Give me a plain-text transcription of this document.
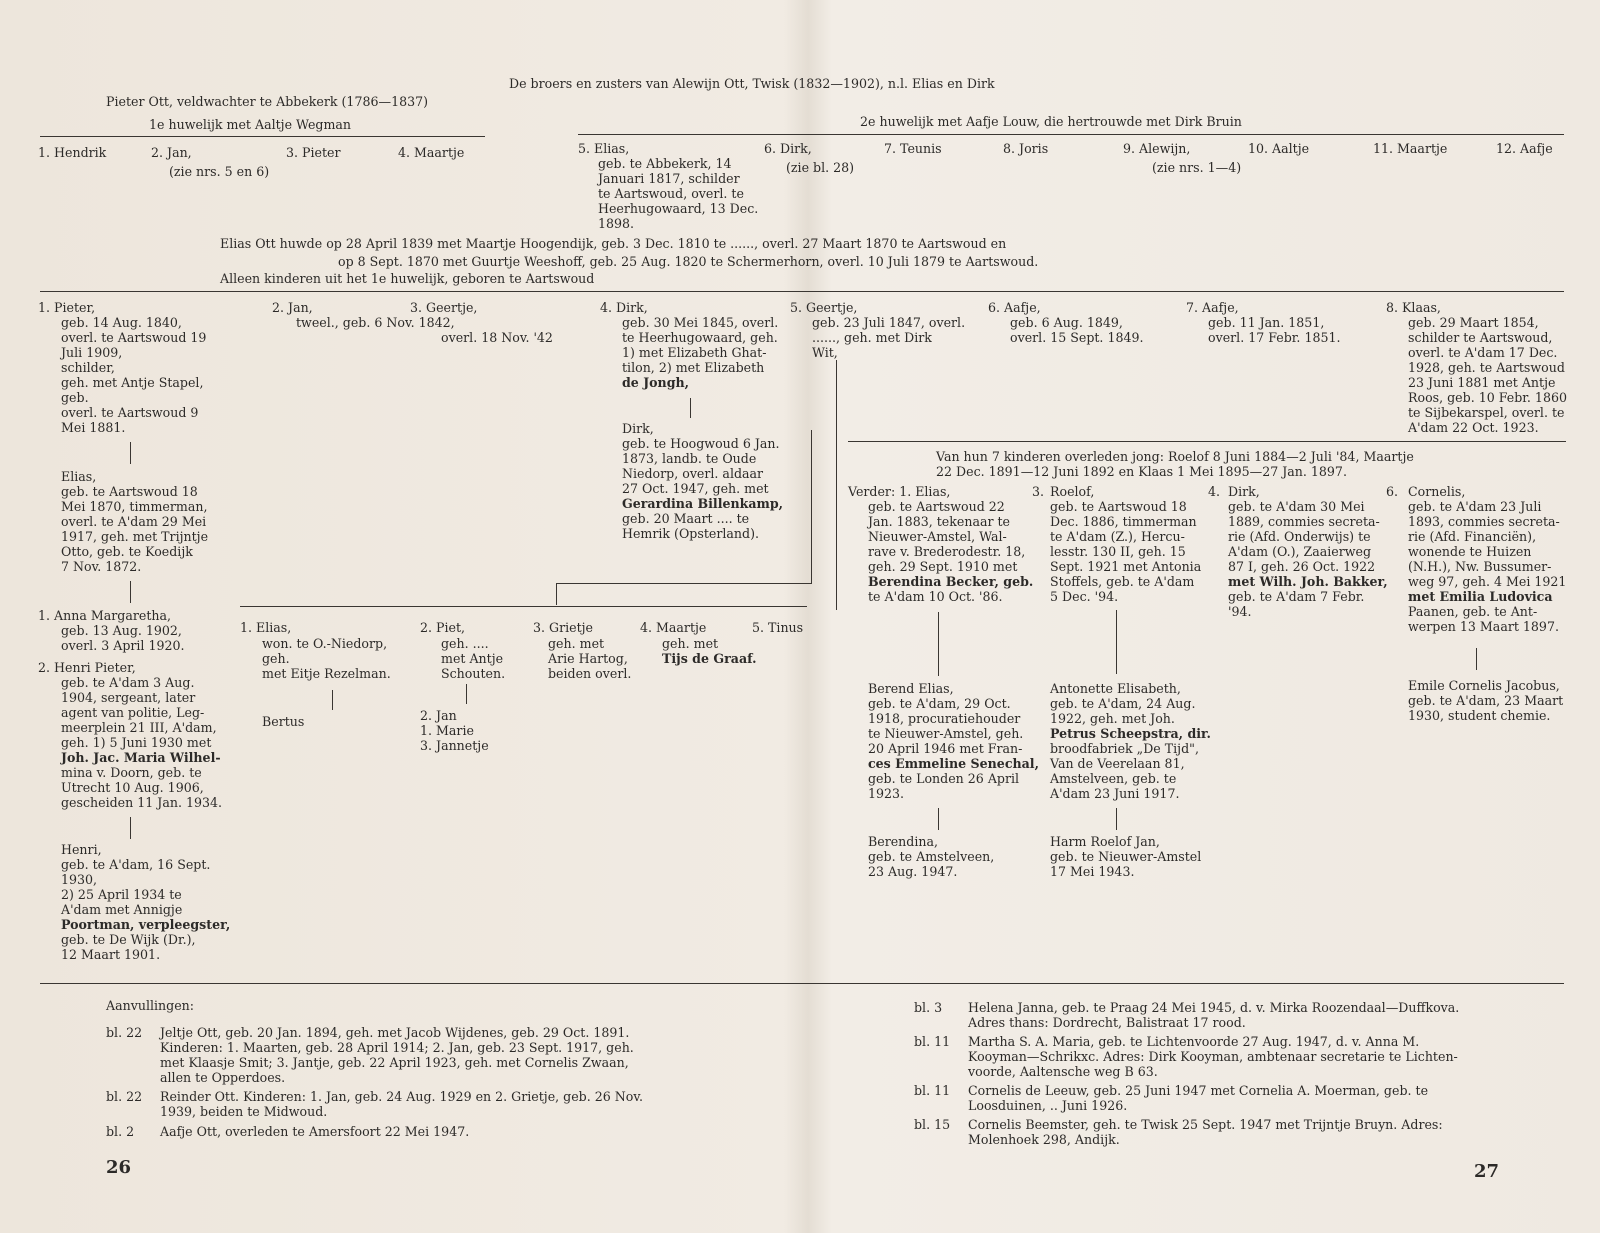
De broers en zusters van Alewijn Ott, Twisk (1832—1902), n.l. Elias en Dirk
Pieter Ott, veldwachter te Abbekerk (1786—1837)
1e huwelijk met Aaltje Wegman	2e huwelijk met Aafje Louw, die hertrouwde met Dirk Bruin
1. Hendrik	2. Jan,
(zie nrs. 5 en 6)
3. Pieter	4. Maartje	5. Elias,
geb. te Abbekerk, 14
Januari 1817, schilder
te Aartswoud, overl. te
Heerhugowaard, 13 Dec.
1898.
6. Dirk,
(zie bl. 28)
7. Teunis	8. Joris	9. Alewijn,
(zie nrs. 1—4)
10. Aaltje	11. Maartje	12. Aafje
Elias Ott huwde op 28 April 1839 met Maartje Hoogendijk, geb. 3 Dec. 1810 te ......, overl. 27 Maart 1870 te Aartswoud en
op 8 Sept. 1870 met Guurtje Weeshoff, geb. 25 Aug. 1820 te Schermerhorn, overl. 10 Juli 1879 te Aartswoud.
Alleen kinderen uit het 1e huwelijk, geboren te Aartswoud
1. Pieter,
geb. 14 Aug. 1840,
overl. te Aartswoud 19
Juli 1909,
schilder,
geh. met Antje Stapel,
geb.
overl. te Aartswoud 9
Mei 1881.
Elias,
geb. te Aartswoud 18
Mei 1870, timmerman,
overl. te A'dam 29 Mei
1917, geh. met Trijntje
Otto, geb. te Koedijk
7 Nov. 1872.
1. Anna Margaretha,
geb. 13 Aug. 1902,
overl. 3 April 1920.
2. Henri Pieter,
geb. te A'dam 3 Aug.
1904, sergeant, later
agent van politie, Leg-
meerplein 21 III, A'dam,
geh. 1) 5 Juni 1930 met
Joh. Jac. Maria Wilhel-
mina v. Doorn, geb. te
Utrecht 10 Aug. 1906,
gescheiden 11 Jan. 1934.
Henri,
geb. te A'dam, 16 Sept.
1930,
2) 25 April 1934 te
A'dam met Annigje
Poortman, verpleegster,
geb. te De Wijk (Dr.),
12 Maart 1901.
2. Jan,	3. Geertje,
tweel., geb. 6 Nov. 1842,
overl. 18 Nov. '42
4. Dirk,
geb. 30 Mei 1845, overl.
te Heerhugowaard, geh.
1) met Elizabeth Ghat-
tilon, 2) met Elizabeth
de Jongh,
Dirk,
geb. te Hoogwoud 6 Jan.
1873, landb. te Oude
Niedorp, overl. aldaar
27 Oct. 1947, geh. met
Gerardina Billenkamp,
geb. 20 Maart .... te
Hemrik (Opsterland).
1. Elias,
won. te O.-Niedorp,
geh.
met Eitje Rezelman.
Bertus
2. Piet,
geh. ....
met Antje
Schouten.
2. Jan
1. Marie
3. Jannetje
3. Grietje
geh. met
Arie Hartog,
beiden overl.
4. Maartje
geh. met
Tijs de Graaf.
5. Tinus
5. Geertje,
geb. 23 Juli 1847, overl.
......, geh. met Dirk
Wit,
6. Aafje,
geb. 6 Aug. 1849,
overl. 15 Sept. 1849.
7. Aafje,
geb. 11 Jan. 1851,
overl. 17 Febr. 1851.
8. Klaas,
geb. 29 Maart 1854,
schilder te Aartswoud,
overl. te A'dam 17 Dec.
1928, geh. te Aartswoud
23 Juni 1881 met Antje
Roos, geb. 10 Febr. 1860
te Sijbekarspel, overl. te
A'dam 22 Oct. 1923.
Van hun 7 kinderen overleden jong: Roelof 8 Juni 1884—2 Juli '84, Maartje
22 Dec. 1891—12 Juni 1892 en Klaas 1 Mei 1895—27 Jan. 1897.
Verder: 1. Elias,
geb. te Aartswoud 22
Jan. 1883, tekenaar te
Nieuwer-Amstel, Wal-
rave v. Brederodestr. 18,
geh. 29 Sept. 1910 met
Berendina Becker, geb.
te A'dam 10 Oct. '86.
3. Roelof,
geb. te Aartswoud 18
Dec. 1886, timmerman
te A'dam (Z.), Hercu-
lesstr. 130 II, geh. 15
Sept. 1921 met Antonia
Stoffels, geb. te A'dam
5 Dec. '94.
4. Dirk,
geb. te A'dam 30 Mei
1889, commies secreta-
rie (Afd. Onderwijs) te
A'dam (O.), Zaaierweg
87 I, geh. 26 Oct. 1922
met Wilh. Joh. Bakker,
geb. te A'dam 7 Febr.
'94.
6. Cornelis,
geb. te A'dam 23 Juli
1893, commies secreta-
rie (Afd. Financiën),
wonende te Huizen
(N.H.), Nw. Bussumer-
weg 97, geh. 4 Mei 1921
met Emilia Ludovica
Paanen, geb. te Ant-
werpen 13 Maart 1897.
Berend Elias,
geb. te A'dam, 29 Oct.
1918, procuratiehouder
te Nieuwer-Amstel, geh.
20 April 1946 met Fran-
ces Emmeline Senechal,
geb. te Londen 26 April
1923.
Berendina,
geb. te Amstelveen,
23 Aug. 1947.
Antonette Elisabeth,
geb. te A'dam, 24 Aug.
1922, geh. met Joh.
Petrus Scheepstra, dir.
broodfabriek „De Tijd",
Van de Veerelaan 81,
Amstelveen, geb. te
A'dam 23 Juni 1917.
Harm Roelof Jan,
geb. te Nieuwer-Amstel
17 Mei 1943.
Emile Cornelis Jacobus,
geb. te A'dam, 23 Maart
1930, student chemie.
Aanvullingen:
bl. 22 Jeltje Ott, geb. 20 Jan. 1894, geh. met Jacob Wijdenes, geb. 29 Oct. 1891.
Kinderen: 1. Maarten, geb. 28 April 1914; 2. Jan, geb. 23 Sept. 1917, geh.
met Klaasje Smit; 3. Jantje, geb. 22 April 1923, geh. met Cornelis Zwaan,
allen te Opperdoes.
bl. 22 Reinder Ott. Kinderen: 1. Jan, geb. 24 Aug. 1929 en 2. Grietje, geb. 26 Nov.
1939, beiden te Midwoud.
bl. 2 Aafje Ott, overleden te Amersfoort 22 Mei 1947.
bl. 3 Helena Janna, geb. te Praag 24 Mei 1945, d. v. Mirka Roozendaal—Duffkova.
Adres thans: Dordrecht, Balistraat 17 rood.
bl. 11 Martha S. A. Maria, geb. te Lichtenvoorde 27 Aug. 1947, d. v. Anna M.
Kooyman—Schrikxc. Adres: Dirk Kooyman, ambtenaar secretarie te Lichten-
voorde, Aaltensche weg B 63.
bl. 11 Cornelis de Leeuw, geb. 25 Juni 1947 met Cornelia A. Moerman, geb. te
Loosduinen, .. Juni 1926.
bl. 15 Cornelis Beemster, geh. te Twisk 25 Sept. 1947 met Trijntje Bruyn. Adres:
Molenhoek 298, Andijk.
26	27
